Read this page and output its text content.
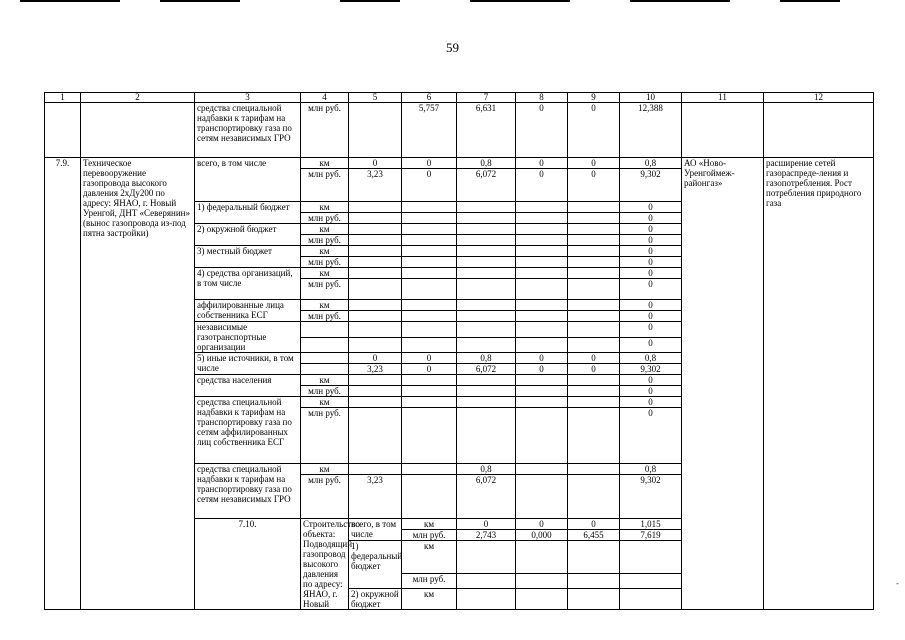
59
1	2	3	4	5	6	7	8	9	10	11	12	
		средства специальной надбавки к тарифам на транспортировку газа по сетям независимых ГРО	млн руб.		5,757	6,631	0	0	12,388			
7.9.	Техническое перевооружение газопровода высокого давления 2хДу200 по адресу: ЯНАО, г. Новый Уренгой, ДНТ «Северянин» (вынос газопровода из-под пятна застройки)	всего, в том числе	км	0	0	0,8	0	0	0,8	АО «Ново-Уренгоймеж-районгаз»	расширение сетей газораспреде-ления и газопотребления. Рост потребления природного газа	
			млн руб.	3,23	0	6,072	0	0	9,302			
		1) федеральный бюджет	км						0			
			млн руб.						0			
		2) окружной бюджет	км						0			
			млн руб.						0			
		3) местный бюджет	км						0			
			млн руб.						0			
		4) средства организаций, в том числе	км						0			
			млн руб.						0			
		аффилированные лица собственника ЕСГ	км						0			
			млн руб.						0			
		независимые газотранспортные организации							0			
									0			
		5) иные источники, в том числе		0	0	0,8	0	0	0,8			
				3,23	0	6,072	0	0	9,302			
		средства населения	км						0			
			млн руб.						0			
		средства специальной надбавки к тарифам на транспортировку газа по сетям аффилированных лиц собственника ЕСГ	км						0			
			млн руб.						0			
		средства специальной надбавки к тарифам на транспортировку газа по сетям независимых ГРО	км			0,8			0,8			
			млн руб.	3,23		6,072			9,302			
		7.10.	Строительство объекта: Подводящий газопровод высокого давления по адресу: ЯНАО, г. Новый	всего, в том числе	км	0	0	0	1,015				
					млн руб.	2,743	0,000	6,455	7,619		
				1) федеральный бюджет	км						
					млн руб.						
				2) окружной бюджет	км						
-
